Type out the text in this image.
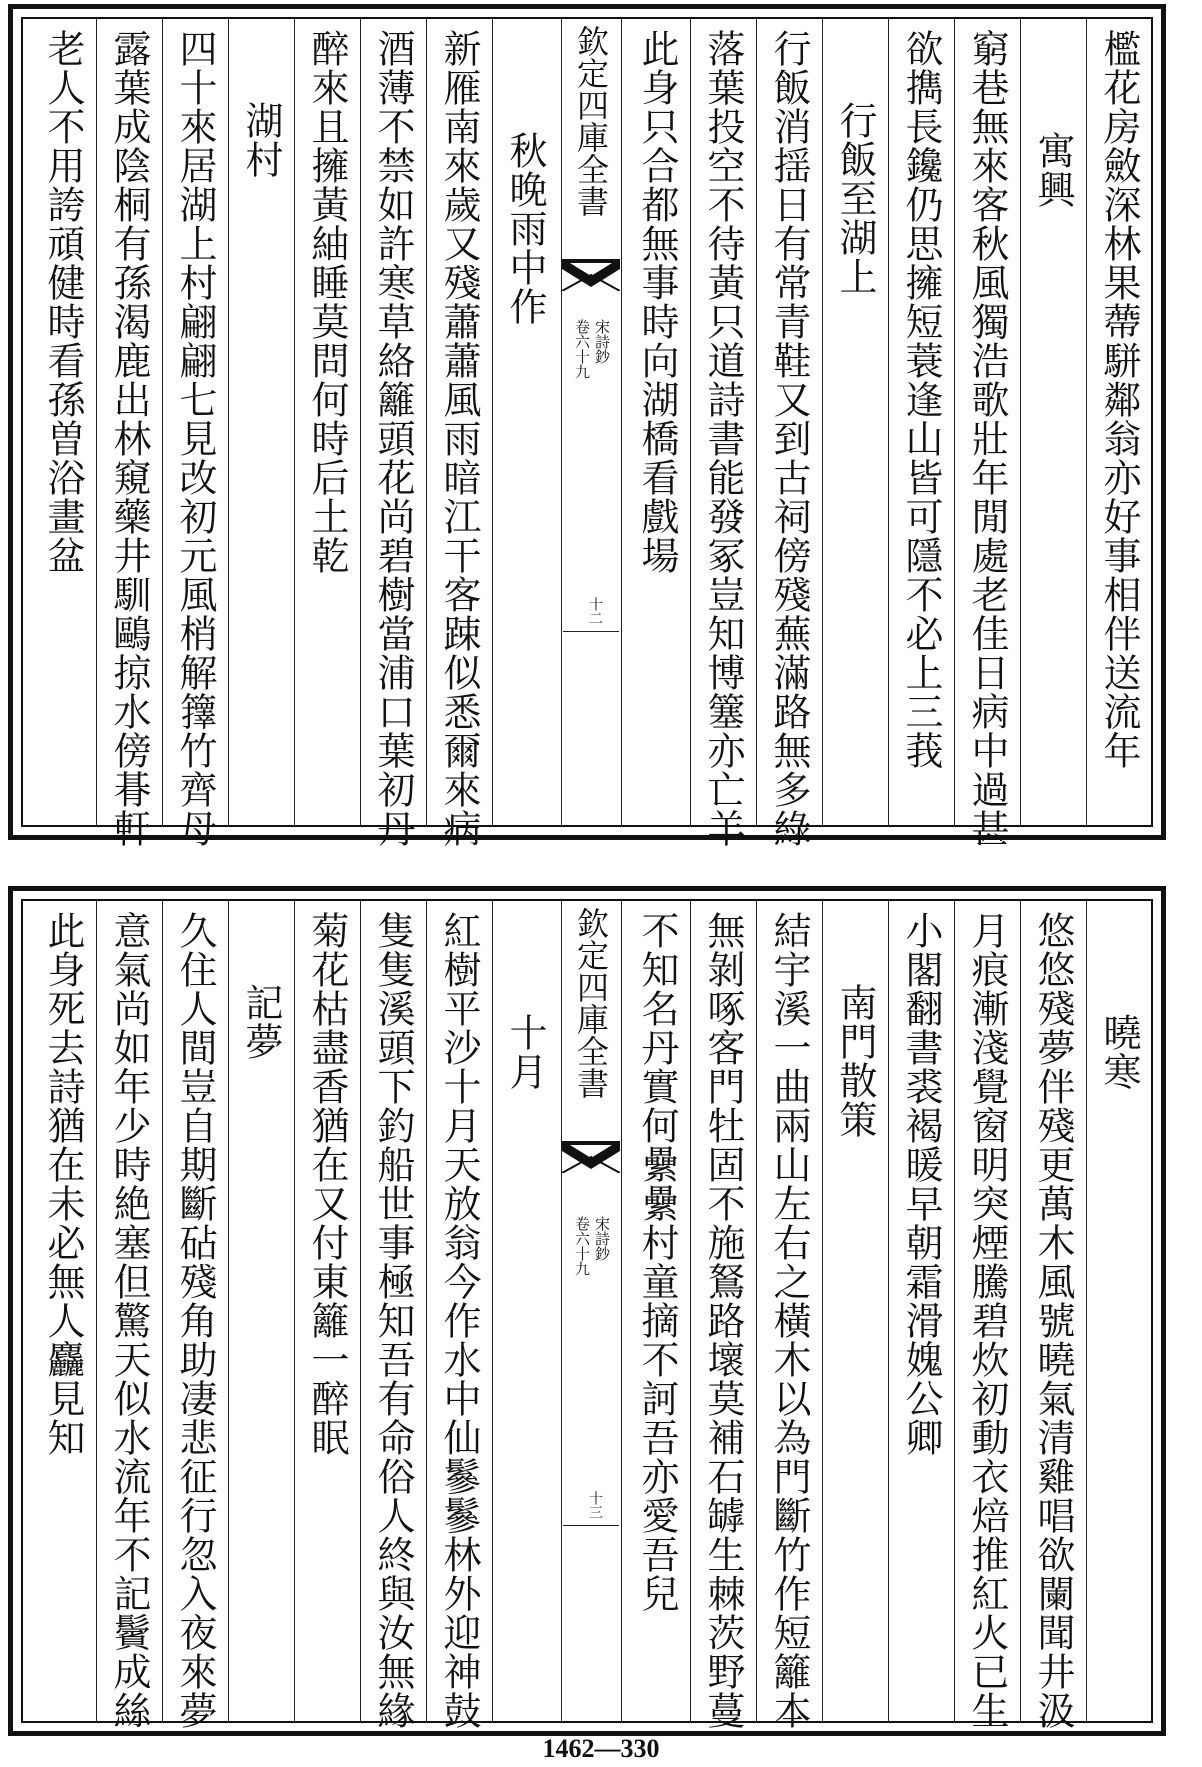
檻花房斂深林果蔕駢鄰翁亦好事相伴送流年
寓興
窮巷無來客秋風獨浩歌壯年閒處老佳日病中過甚
欲擕長鑱仍思擁短蓑逢山皆可隱不必上三莪
行飯至湖上
行飯消揺日有常青鞋又到古祠傍殘蕪滿路無多綠
落葉投空不待黃只道詩書能發冢豈知博簺亦亡羊
此身只合都無事時向湖橋看戲場
欽定四庫全書
宋詩鈔
卷六十九
十二
秋晚雨中作
新雁南來歲又殘蕭蕭風雨暗江干客踈似悉爾來病
酒薄不禁如許寒草絡籬頭花尚碧樹當浦口葉初丹
醉來且擁黃紬睡莫問何時后土乾
湖村
四十來居湖上村翩翩七見改初元風梢解籜竹齊母
露葉成陰桐有孫渴鹿出林窺藥井馴鷗掠水傍朞軒
老人不用誇頑健時看孫曽浴畫盆
曉寒
悠悠殘夢伴殘更萬木風號曉氣清雞唱欲闌聞井汲
月痕漸淺覺窗明突煙騰碧炊初動衣焙推紅火已生
小閣翻書裘褐暖早朝霜滑媿公卿
南門散策
結宇溪一曲兩山左右之橫木以為門斷竹作短籬本
無剝啄客門牡固不施鴑路壞莫補石罅生棘茨野蔓
不知名丹實何纍纍村童摘不訶吾亦愛吾兒
欽定四庫全書
宋詩鈔
卷六十九
十三
十月
紅樹平沙十月天放翁今作水中仙鬖鬖林外迎神鼓
隻隻溪頭下釣船世事極知吾有命俗人終與汝無緣
菊花枯盡香猶在又付東籬一醉眠
記夢
久住人間豈自期斷砧殘角助凄悲征行忽入夜來夢
意氣尚如年少時絶塞但驚天似水流年不記鬢成絲
此身死去詩猶在未必無人麤見知
1462—330
